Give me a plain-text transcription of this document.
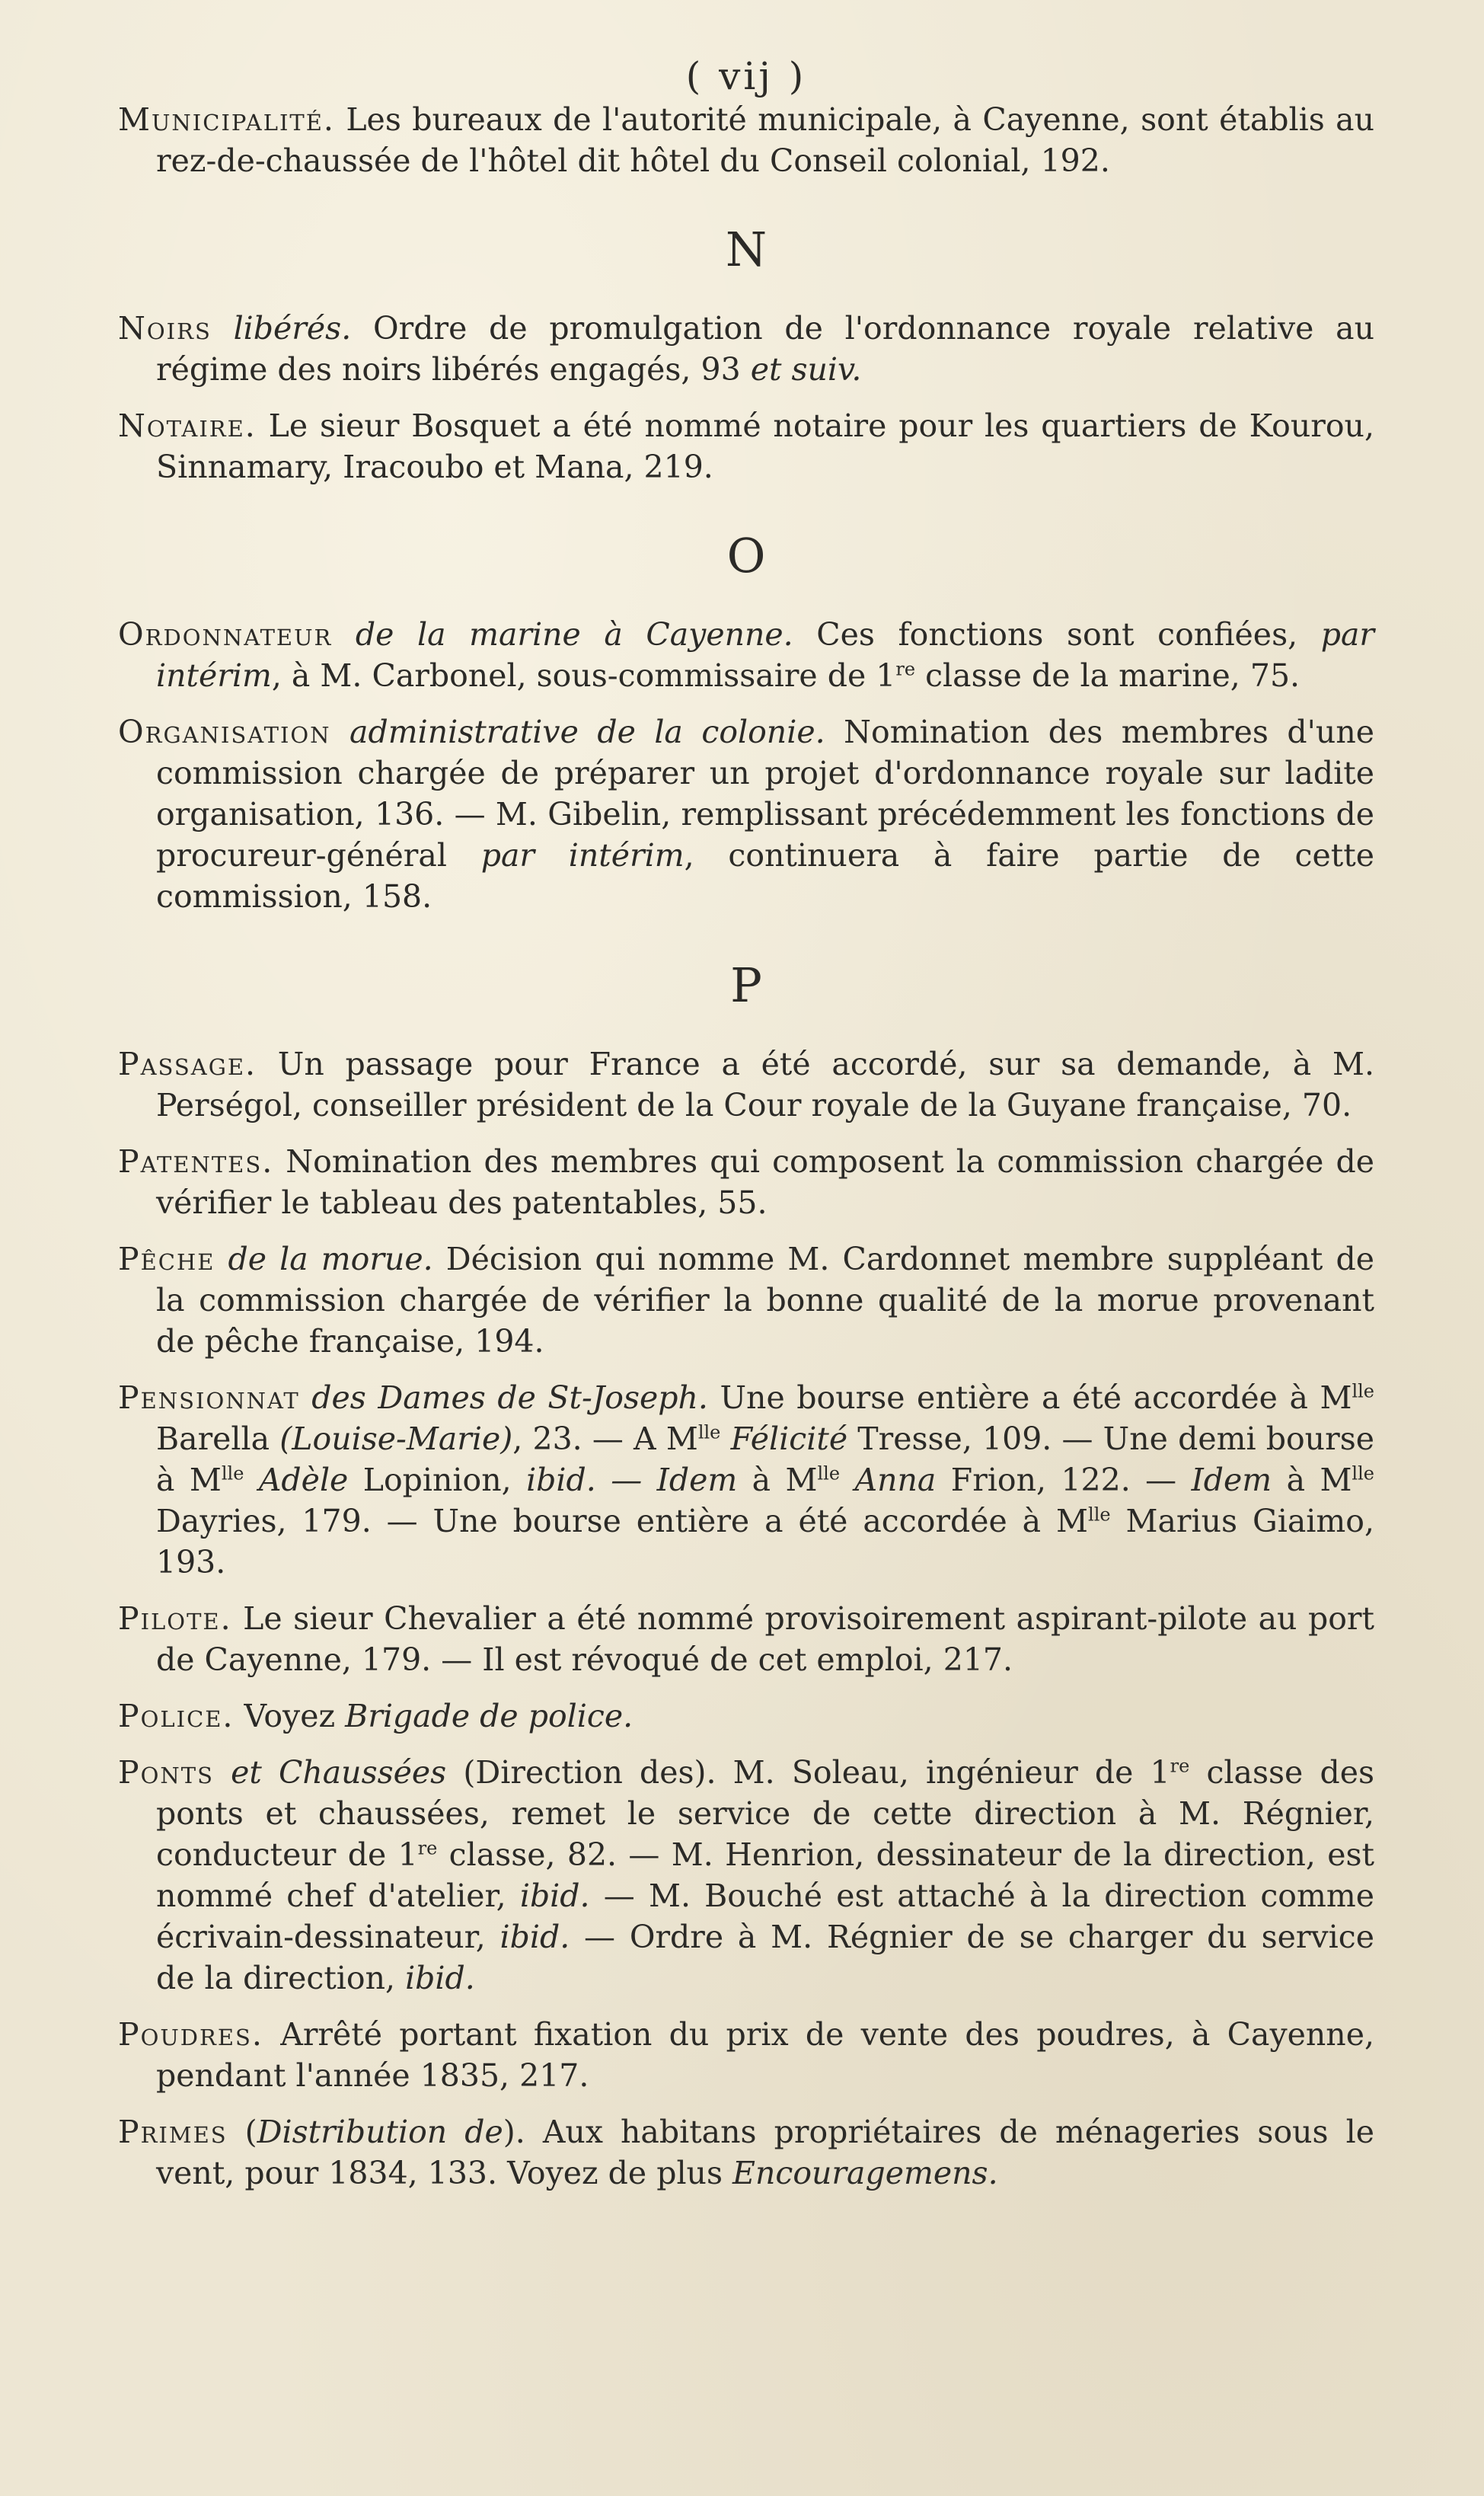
( vij )

Municipalité. Les bureaux de l'autorité municipale, à Cayenne, sont établis au rez-de-chaussée de l'hôtel dit hôtel du Conseil colonial, 192.

N

Noirs libérés. Ordre de promulgation de l'ordonnance royale relative au régime des noirs libérés engagés, 93 et suiv.

Notaire. Le sieur Bosquet a été nommé notaire pour les quartiers de Kourou, Sinnamary, Iracoubo et Mana, 219.

O

Ordonnateur de la marine à Cayenne. Ces fonctions sont confiées, par intérim, à M. Carbonel, sous-commissaire de 1re classe de la marine, 75.

Organisation administrative de la colonie. Nomination des membres d'une commission chargée de préparer un projet d'ordonnance royale sur ladite organisation, 136. — M. Gibelin, remplissant précédemment les fonctions de procureur-général par intérim, continuera à faire partie de cette commission, 158.

P

Passage. Un passage pour France a été accordé, sur sa demande, à M. Perségol, conseiller président de la Cour royale de la Guyane française, 70.

Patentes. Nomination des membres qui composent la commission chargée de vérifier le tableau des patentables, 55.

Pêche de la morue. Décision qui nomme M. Cardonnet membre suppléant de la commission chargée de vérifier la bonne qualité de la morue provenant de pêche française, 194.

Pensionnat des Dames de St-Joseph. Une bourse entière a été accordée à $M^{lle}$ Barella (Louise-Marie), 23. — A $M^{lle}$ Félicité Tresse, 109. — Une demi bourse à $M^{lle}$ Adèle Lopinion, ibid. — Idem à $M^{lle}$ Anna Frion, 122. — Idem à $M^{lle}$ Dayries, 179. — Une bourse entière a été accordée à $M^{lle}$ Marius Giaimo, 193.

Pilote. Le sieur Chevalier a été nommé provisoirement aspirant-pilote au port de Cayenne, 179. — Il est révoqué de cet emploi, 217.

Police. Voyez Brigade de police.

Ponts et Chaussées (Direction des). M. Soleau, ingénieur de 1re classe des ponts et chaussées, remet le service de cette direction à M. Régnier, conducteur de 1re classe, 82. — M. Henrion, dessinateur de la direction, est nommé chef d'atelier, ibid. — M. Bouché est attaché à la direction comme écrivain-dessinateur, ibid. — Ordre à M. Régnier de se charger du service de la direction, ibid.

Poudres. Arrêté portant fixation du prix de vente des poudres, à Cayenne, pendant l'année 1835, 217.

Primes (Distribution de). Aux habitans propriétaires de ménageries sous le vent, pour 1834, 133. Voyez de plus Encouragemens.
